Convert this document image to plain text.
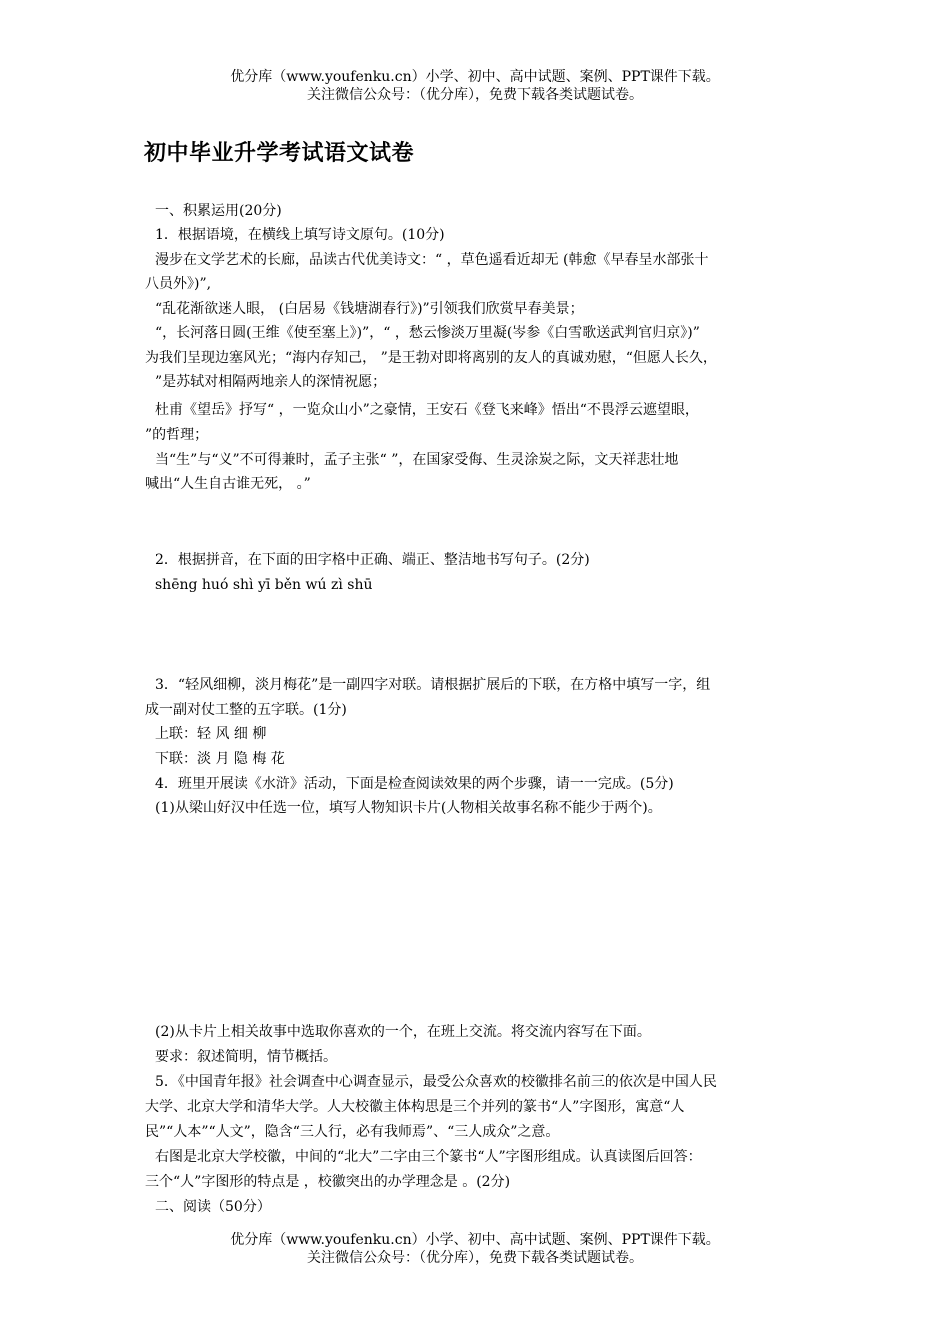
优分库（www.youfenku.cn）小学、初中、高中试题、案例、PPT课件下载。
关注微信公众号：（优分库），免费下载各类试题试卷。
初中毕业升学考试语文试卷
一、积累运用(20分)
1．根据语境，在横线上填写诗文原句。(10分)
漫步在文学艺术的长廊，品读古代优美诗文：“ ，草色遥看近却无 (韩愈《早春呈水部张十
八员外》)”,
“乱花渐欲迷人眼， (白居易《钱塘湖春行》)”引领我们欣赏早春美景；
“，长河落日圆(王维《使至塞上》)”，“ ，愁云惨淡万里凝(岑参《白雪歌送武判官归京》)”
为我们呈现边塞风光；“海内存知己， ”是王勃对即将离别的友人的真诚劝慰，“但愿人长久，
”是苏轼对相隔两地亲人的深情祝愿；
杜甫《望岳》抒写“ ，一览众山小”之豪情，王安石《登飞来峰》悟出“不畏浮云遮望眼，
”的哲理；
当“生”与“义”不可得兼时，孟子主张“ ”，在国家受侮、生灵涂炭之际，文天祥悲壮地
喊出“人生自古谁无死， 。”
2．根据拼音，在下面的田字格中正确、端正、整洁地书写句子。(2分)
shēng huó shì yī běn wú zì shū
3．“轻风细柳，淡月梅花”是一副四字对联。请根据扩展后的下联，在方格中填写一字，组
成一副对仗工整的五字联。(1分)
上联：轻 风 细 柳
下联：淡 月 隐 梅 花
4．班里开展读《水浒》活动，下面是检查阅读效果的两个步骤，请一一完成。(5分)
(1)从梁山好汉中任选一位，填写人物知识卡片(人物相关故事名称不能少于两个)。
(2)从卡片上相关故事中选取你喜欢的一个，在班上交流。将交流内容写在下面。
要求：叙述简明，情节概括。
5．《中国青年报》社会调查中心调查显示，最受公众喜欢的校徽排名前三的依次是中国人民
大学、北京大学和清华大学。人大校徽主体构思是三个并列的篆书“人”字图形，寓意“人
民”“人本”“人文”，隐含“三人行，必有我师焉”、“三人成众”之意。
右图是北京大学校徽，中间的“北大”二字由三个篆书“人”字图形组成。认真读图后回答：
三个“人”字图形的特点是 ，校徽突出的办学理念是 。(2分)
二、阅读（50分）
优分库（www.youfenku.cn）小学、初中、高中试题、案例、PPT课件下载。
关注微信公众号：（优分库），免费下载各类试题试卷。
